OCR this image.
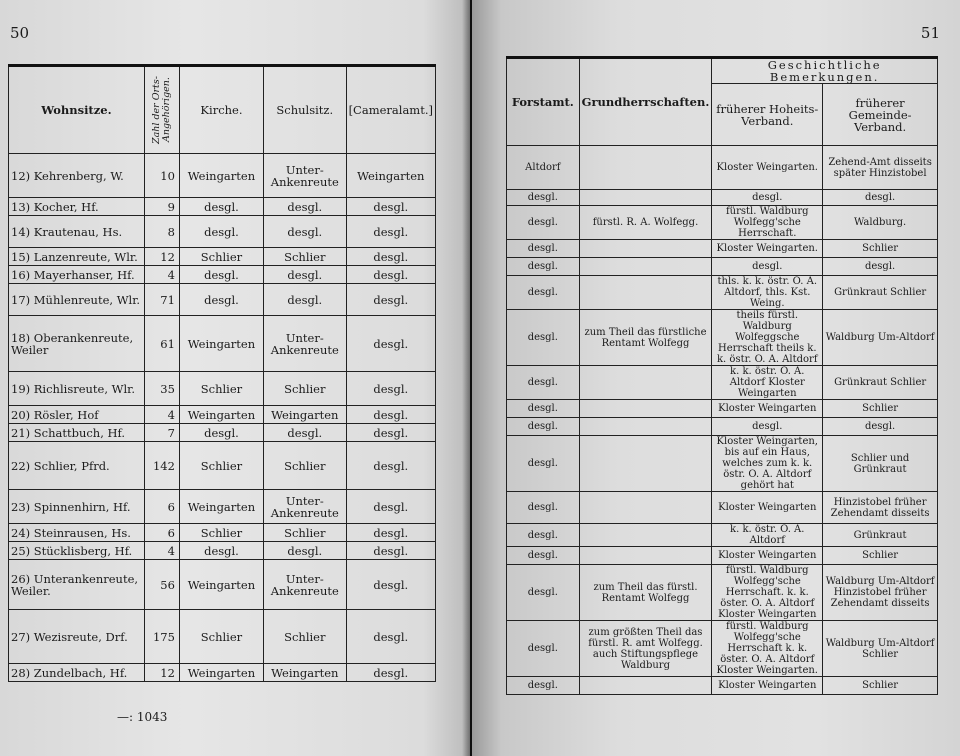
50
Wohnsitze.	Zahl der Orts-Angehörigen.	Kirche.	Schulsitz.	[Cameralamt.]
12) Kehrenberg, W.	10	Weingarten	Unter-Ankenreute	Weingarten
13) Kocher, Hf.	9	desgl.	desgl.	desgl.
14) Krautenau, Hs.	8	desgl.	desgl.	desgl.
15) Lanzenreute, Wlr.	12	Schlier	Schlier	desgl.
16) Mayerhanser, Hf.	4	desgl.	desgl.	desgl.
17) Mühlenreute, Wlr.	71	desgl.	desgl.	desgl.
18) Oberankenreute, Weiler	61	Weingarten	Unter-Ankenreute	desgl.
19) Richlisreute, Wlr.	35	Schlier	Schlier	desgl.
20) Rösler, Hof	4	Weingarten	Weingarten	desgl.
21) Schattbuch, Hf.	7	desgl.	desgl.	desgl.
22) Schlier, Pfrd.	142	Schlier	Schlier	desgl.
23) Spinnenhirn, Hf.	6	Weingarten	Unter-Ankenreute	desgl.
24) Steinrausen, Hs.	6	Schlier	Schlier	desgl.
25) Stücklisberg, Hf.	4	desgl.	desgl.	desgl.
26) Unterankenreute, Weiler.	56	Weingarten	Unter-Ankenreute	desgl.
27) Wezisreute, Drf.	175	Schlier	Schlier	desgl.
28) Zundelbach, Hf.	12	Weingarten	Weingarten	desgl.
—: 1043
51
Forstamt.	Grundherrschaften.	Geschichtliche Bemerkungen.	
		früherer Hoheits-Verband.	früherer Gemeinde-Verband.
Altdorf		Kloster Weingarten.	Zehend-Amt disseits später Hinzistobel
desgl.		desgl.	desgl.
desgl.	fürstl. R. A. Wolfegg.	fürstl. Waldburg Wolfegg'sche Herrschaft.	Waldburg.
desgl.		Kloster Weingarten.	Schlier
desgl.		desgl.	desgl.
desgl.		thls. k. k. östr. O. A. Altdorf, thls. Kst. Weing.	Grünkraut Schlier
desgl.	zum Theil das fürstliche Rentamt Wolfegg	theils fürstl. Waldburg Wolfeggsche Herrschaft theils k. k. östr. O. A. Altdorf	Waldburg Um-Altdorf
desgl.		k. k. östr. O. A. Altdorf Kloster Weingarten	Grünkraut Schlier
desgl.		Kloster Weingarten	Schlier
desgl.		desgl.	desgl.
desgl.		Kloster Weingarten, bis auf ein Haus, welches zum k. k. östr. O. A. Altdorf gehört hat	Schlier und Grünkraut
desgl.		Kloster Weingarten	Hinzistobel früher Zehendamt disseits
desgl.		k. k. östr. O. A. Altdorf	Grünkraut
desgl.		Kloster Weingarten	Schlier
desgl.	zum Theil das fürstl. Rentamt Wolfegg	fürstl. Waldburg Wolfegg'sche Herrschaft. k. k. öster. O. A. Altdorf Kloster Weingarten	Waldburg Um-Altdorf Hinzistobel früher Zehendamt disseits
desgl.	zum größten Theil das fürstl. R. amt Wolfegg. auch Stiftungspflege Waldburg	fürstl. Waldburg Wolfegg'sche Herrschaft k. k. öster. O. A. Altdorf Kloster Weingarten.	Waldburg Um-Altdorf Schlier
desgl.		Kloster Weingarten	Schlier
